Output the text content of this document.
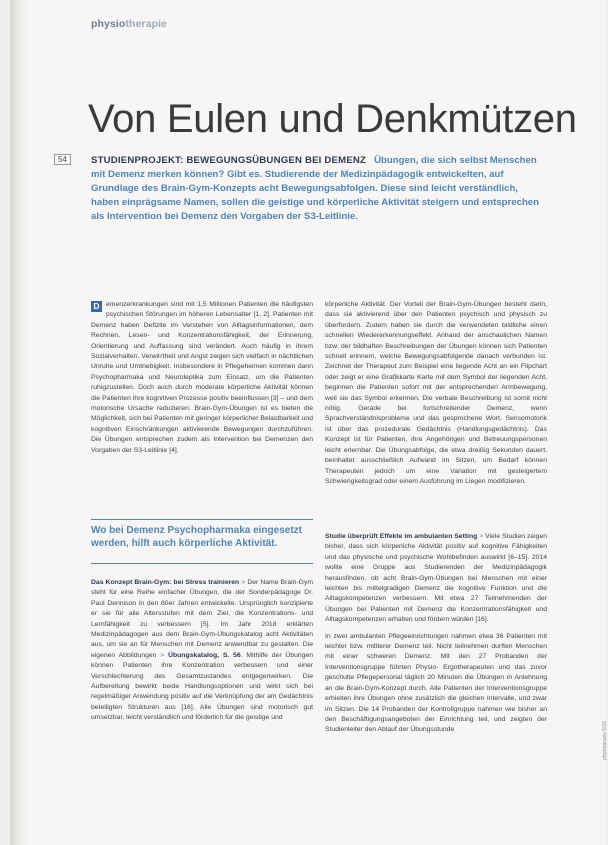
physiotherapie
Von Eulen und Denkmützen
54	STUDIENPROJEKT: BEWEGUNGSÜBUNGEN BEI DEMENZ Übungen, die sich selbst Menschen mit Demenz merken können? Gibt es. Studierende der Medizinpädagogik entwickelten, auf Grundlage des Brain-Gym-Konzepts acht Bewegungsabfolgen. Diese sind leicht verständlich, haben einprägsame Namen, sollen die geistige und körperliche Aktivität steigern und entsprechen als Intervention bei Demenz den Vorgaben der S3-Leitlinie.

D emenzerkrankungen sind mit 1,5 Millionen Patienten die häufigsten psychischen Störungen im höheren Lebensalter [1, 2]. Patienten mit Demenz haben Defizite im Verstehen von Alltagsinformationen, dem Rechnen, Lesen- und Konzentrationsfähigkeit, der Erinnerung, Orientierung und Auffassung sind verändert. Auch häufig in ihrem Sozialverhalten. Verwirrtheit und Angst zeigen sich vielfach in nächtlichen Unruhe und Umtriebigkeit. Insbesondere in Pflegeheimen kommen dann Psychopharmaka und Neuroleptika zum Einsatz, um die Patienten ruhigzustellen. Doch auch durch moderate körperliche Aktivität können die Patienten ihre kognitiven Prozesse positiv beeinflussen [3] – und dem motorische Ursache reduzieren. Brain-Gym-Übungen ist es bieten die Möglichkeit, sich bei Patienten mit geringer körperlicher Belastbarkeit und kognitiven Einschränkungen aktivierende Bewegungen durchzuführen. Die Übungen entsprechen zudem als Intervention bei Demenzen den Vorgaben der S3-Leitlinie [4].

Wo bei Demenz Psychopharmaka eingesetzt werden, hilft auch körperliche Aktivität.

Das Konzept Brain-Gym: bei Stress trainieren > Der Name Brain-Gym steht für eine Reihe einfacher Übungen, die der Sonderpädagoge Dr. Paul Dennison in den 80er Jahren entwickelte. Ursprünglich konzipierte er sie für alle Altersstufen mit dem Ziel, die Konzentrations- und Lernfähigkeit zu verbessern [5]. Im Jahr 2018 erklärten Medizinpädagogen aus dem Brain-Gym-Übungskatalog acht Aktivitäten aus, um sie an für Menschen mit Demenz anwendbar zu gestalten. Die eigenen Abbildungen > Übungskatalog, S. 56. Mithilfe der Übungen können Patienten ihre Konzentration verbessern und einer Verschlechterung des Gesamtzustandes entgegenwirken. Die Aufbereitung bewirkt beide Handlungsoptionen und wirkt sich bei regelmäßiger Anwendung positiv auf die Verknüpfung der am Gedächtnis beteiligten Strukturen aus [16]. Alle Übungen sind motorisch gut umsetzbar, leicht verständlich und förderlich für die geistige und

körperliche Aktivität. Der Vorteil der Brain-Gym-Übungen besteht darin, dass sie aktivierend über den Patienten psychisch und physisch zu überfordern. Zudem haben sie durch die verwendeten bildliche einen schnellen Wiedererkennungseffekt. Anhand der anschaulichen Namen bzw. der bildhaften Beschreibungen der Übungen können sich Patienten schnell erinnern, welche Bewegungsabfolgende danach verbunden ist. Zeichnet der Therapeut zum Beispiel eine liegende Acht an ein Flipchart oder zeigt er eine Grafikkarte Karte mit dem Symbol der liegenden Acht, beginnen die Patienten sofort mit der entsprechenden Armbewegung, weil sie das Symbol erkennen. Die verbale Beschreibung ist somit nicht nötig. Gerade bei fortschreitender Demenz, wenn Sprachverständnisprobleme und das gesprochene Wort, Sensomotorik ist über das prozedurale Gedächtnis (Handlungsgedächtnis). Das Konzept ist für Patienten, ihre Angehörigen und Betreuungspersonen leicht erlernbar. Die Übungsabfolge, die etwa dreißig Sekunden dauert, beinhaltet ausschließlich Aufwand im Sitzen, um Bedarf können Therapeuten jedoch um eine Variation mit gesteigertem Schwierigkeitsgrad oder einem Ausführung im Liegen modifizieren.

Studie überprüft Effekte im ambulanten Setting > Viele Studien zeigen bisher, dass sich körperliche Aktivität positiv auf kognitive Fähigkeiten und das physische und psychische Wohlbefinden auswirkt [6–15]. 2014 wollte eine Gruppe aus Studierenden der Medizinpädagogik herausfinden, ob acht Brain-Gym-Übungen bei Menschen mit einer leichten bis mittelgradigen Demenz die kognitive Funktion und die Alltagskompetenzen verbessern. Mit etwa 27 Teilnehmenden der Übungen bei Patienten mit Demenz die Konzentrationsfähigkeit und Alltagskompetenzen erhalten und fördern würden [16].

In zwei ambulanten Pflegeeinrichtungen nahmen etwa 36 Patienten mit leichter bzw. mittlerer Demenz teil. Nicht teilnehmen durften Menschen mit einer schweren Demenz. Mit den 27 Probanden der Interventionsgruppe führten Physio- Ergotherapeuten und das zuvor geschulte Pflegepersonal täglich 20 Minuten die Übungen in Anlehnung an die Brain-Gym-Konzept durch. Alle Patienten der Interventionsgruppe erhielten ihre Übungen ohne zusätzlich die gleichen Intervalle, und zwar im Sitzen. Die 14 Probanden der Kontrollgruppe nahmen wie bisher an den Beschäftigungsangeboten der Einrichtung teil, und zeigten der Studienleiter den Ablauf der Übungsstunde	physiopraxis 5/16
